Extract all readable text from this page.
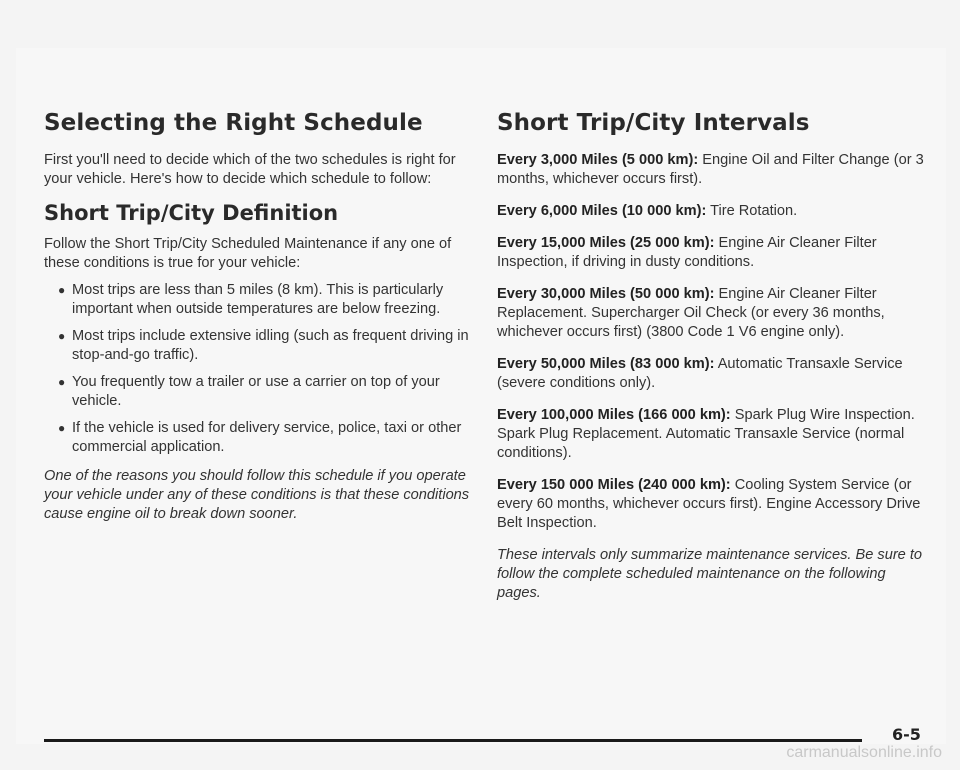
Selecting the Right Schedule

First you'll need to decide which of the two schedules is right for your vehicle. Here's how to decide which schedule to follow:

Short Trip/City Definition

Follow the Short Trip/City Scheduled Maintenance if any one of these conditions is true for your vehicle:

● Most trips are less than 5 miles (8 km). This is particularly important when outside temperatures are below freezing.
● Most trips include extensive idling (such as frequent driving in stop-and-go traffic).
● You frequently tow a trailer or use a carrier on top of your vehicle.
● If the vehicle is used for delivery service, police, taxi or other commercial application.

One of the reasons you should follow this schedule if you operate your vehicle under any of these conditions is that these conditions cause engine oil to break down sooner.

Short Trip/City Intervals

Every 3,000 Miles (5 000 km): Engine Oil and Filter Change (or 3 months, whichever occurs first).

Every 6,000 Miles (10 000 km): Tire Rotation.

Every 15,000 Miles (25 000 km): Engine Air Cleaner Filter Inspection, if driving in dusty conditions.

Every 30,000 Miles (50 000 km): Engine Air Cleaner Filter Replacement. Supercharger Oil Check (or every 36 months, whichever occurs first) (3800 Code 1 V6 engine only).

Every 50,000 Miles (83 000 km): Automatic Transaxle Service (severe conditions only).

Every 100,000 Miles (166 000 km): Spark Plug Wire Inspection. Spark Plug Replacement. Automatic Transaxle Service (normal conditions).

Every 150 000 Miles (240 000 km): Cooling System Service (or every 60 months, whichever occurs first). Engine Accessory Drive Belt Inspection.

These intervals only summarize maintenance services. Be sure to follow the complete scheduled maintenance on the following pages.

6-5
carmanualsonline.info
